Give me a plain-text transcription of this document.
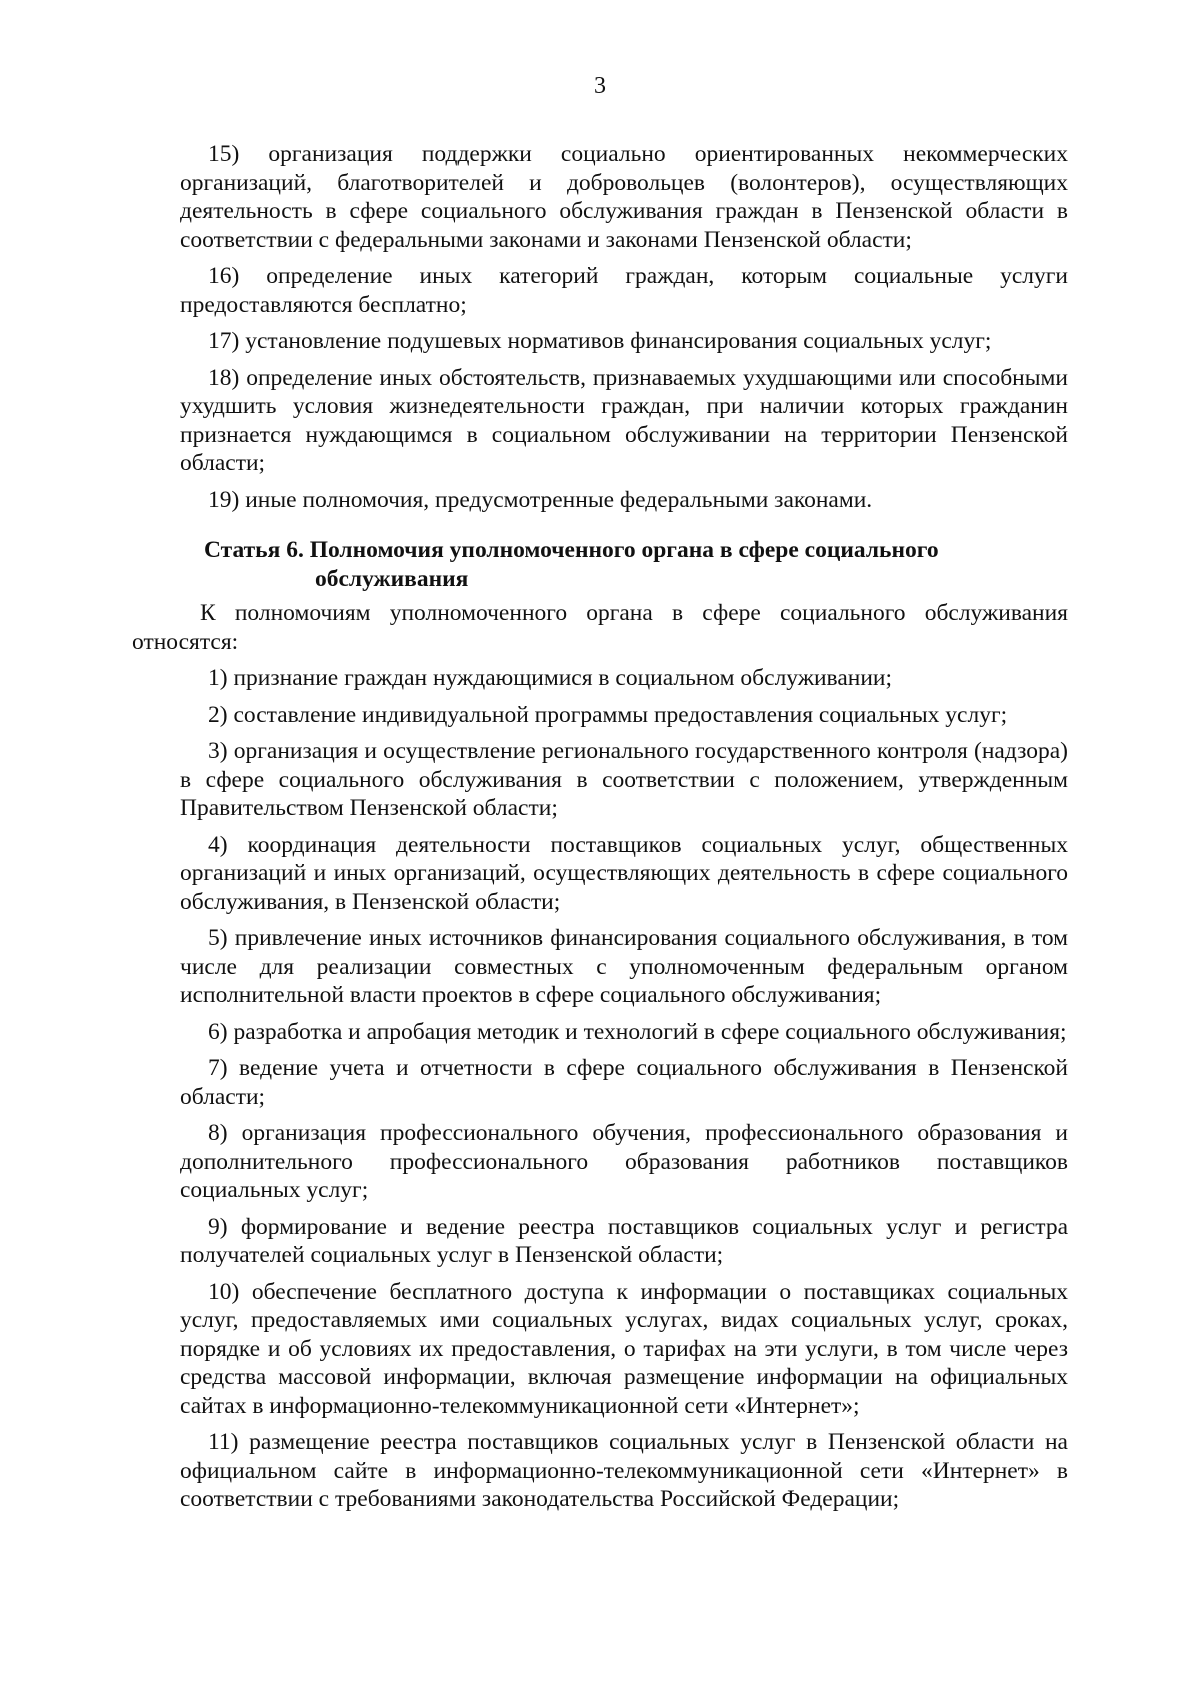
3

15) организация поддержки социально ориентированных некоммерческих организаций, благотворителей и добровольцев (волонтеров), осуществляющих деятельность в сфере социального обслуживания граждан в Пензенской области в соответствии с федеральными законами и законами Пензенской области;

16) определение иных категорий граждан, которым социальные услуги предоставляются бесплатно;

17) установление подушевых нормативов финансирования социальных услуг;

18) определение иных обстоятельств, признаваемых ухудшающими или способными ухудшить условия жизнедеятельности граждан, при наличии которых гражданин признается нуждающимся в социальном обслуживании на территории Пензенской области;

19) иные полномочия, предусмотренные федеральными законами.

Статья 6. Полномочия уполномоченного органа в сфере социального
обслуживания

К полномочиям уполномоченного органа в сфере социального обслуживания относятся:

1) признание граждан нуждающимися в социальном обслуживании;

2) составление индивидуальной программы предоставления социальных услуг;

3) организация и осуществление регионального государственного контроля (надзора) в сфере социального обслуживания в соответствии с положением, утвержденным Правительством Пензенской области;

4) координация деятельности поставщиков социальных услуг, общественных организаций и иных организаций, осуществляющих деятельность в сфере социального обслуживания, в Пензенской области;

5) привлечение иных источников финансирования социального обслуживания, в том числе для реализации совместных с уполномоченным федеральным органом исполнительной власти проектов в сфере социального обслуживания;

6) разработка и апробация методик и технологий в сфере социального обслуживания;

7) ведение учета и отчетности в сфере социального обслуживания в Пензенской области;

8) организация профессионального обучения, профессионального образования и дополнительного профессионального образования работников поставщиков социальных услуг;

9) формирование и ведение реестра поставщиков социальных услуг и регистра получателей социальных услуг в Пензенской области;

10) обеспечение бесплатного доступа к информации о поставщиках социальных услуг, предоставляемых ими социальных услугах, видах социальных услуг, сроках, порядке и об условиях их предоставления, о тарифах на эти услуги, в том числе через средства массовой информации, включая размещение информации на официальных сайтах в информационно-телекоммуникационной сети «Интернет»;

11) размещение реестра поставщиков социальных услуг в Пензенской области на официальном сайте в информационно-телекоммуникационной сети «Интернет» в соответствии с требованиями законодательства Российской Федерации;
